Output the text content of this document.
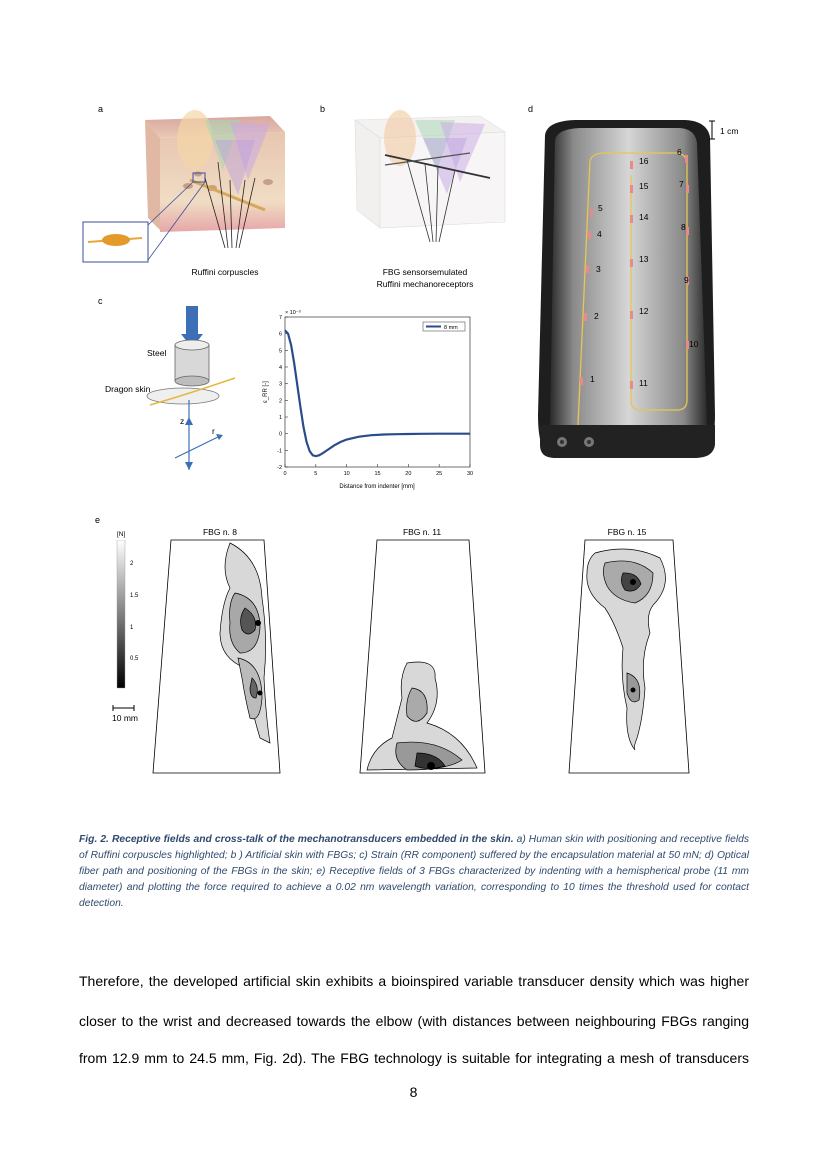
a
Ruffini corpuscles
b
FBG sensorsemulated
Ruffini mechanoreceptors
c
Steel
Dragon skin
z
r
0	5	10	15	20	25	30
-2
-1
0
1
2
3
4
5
6
7
8 mm
× 10⁻³
Distance from indenter [mm]
ε_RR [-]
d
1 cm
1
2
3
4
5
6
7
8
9
10
11
12
13
14
15
16
e
[N]
2
1.5
1
0.5
10 mm
FBG n. 8	FBG n. 11	FBG n. 15
Fig. 2. Receptive fields and cross-talk of the mechanotransducers embedded in the skin. a) Human skin with positioning and receptive fields of Ruffini corpuscles highlighted; b ) Artificial skin with FBGs; c) Strain (RR component) suffered by the encapsulation material at 50 mN; d) Optical fiber path and positioning of the FBGs in the skin; e) Receptive fields of 3 FBGs characterized by indenting with a hemispherical probe (11 mm diameter) and plotting the force required to achieve a 0.02 nm wavelength variation, corresponding to 10 times the threshold used for contact detection.
Therefore, the developed artificial skin exhibits a bioinspired variable transducer density which was higher
closer to the wrist and decreased towards the elbow (with distances between neighbouring FBGs ranging
from 12.9 mm to 24.5 mm, Fig. 2d). The FBG technology is suitable for integrating a mesh of transducers
8
